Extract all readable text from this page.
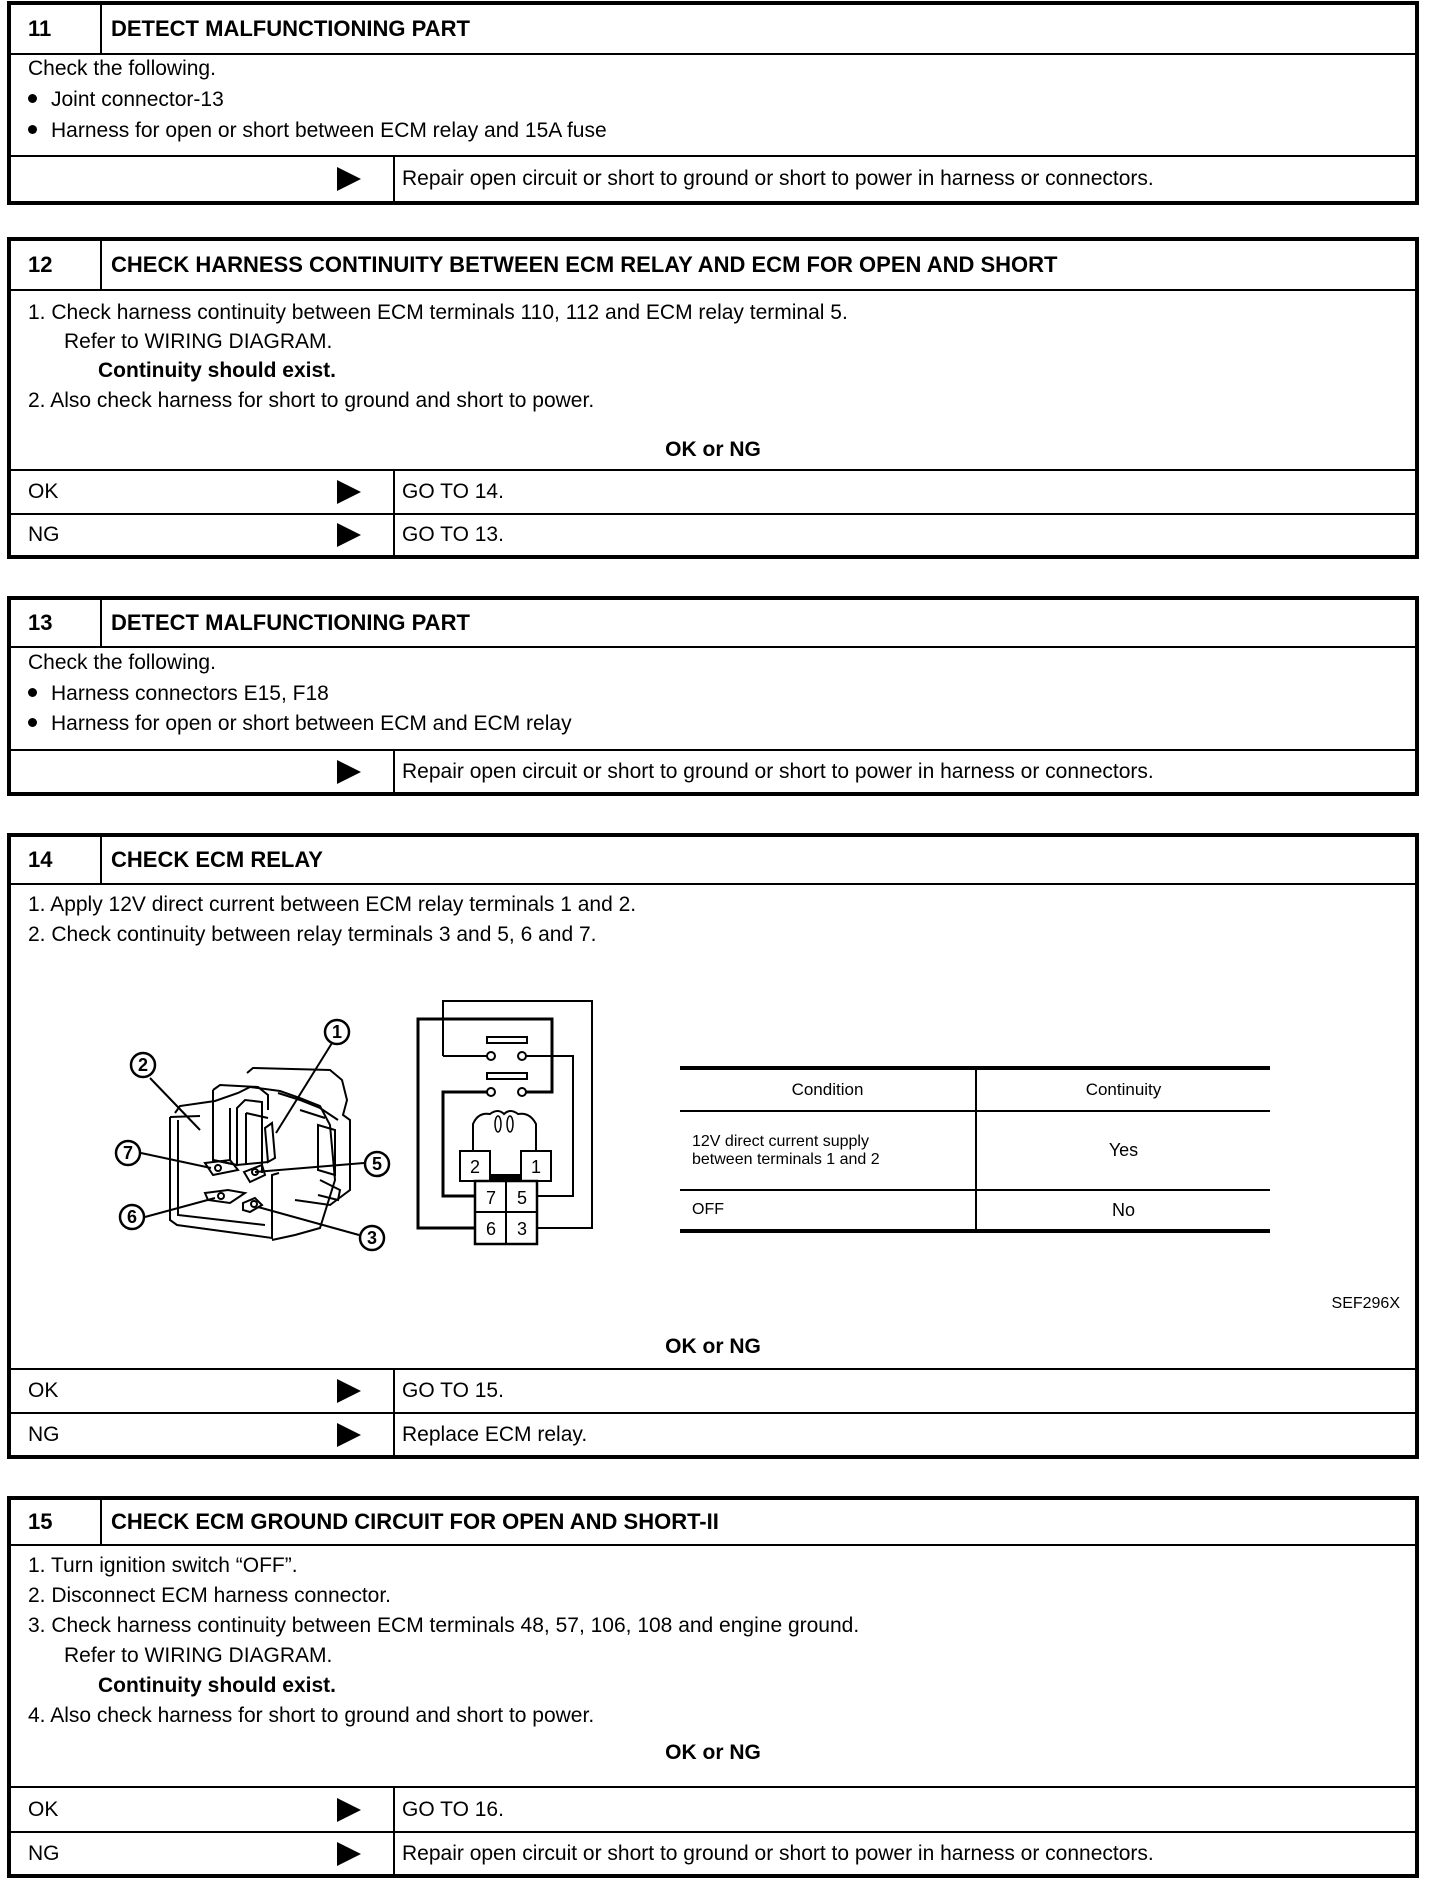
11	DETECT MALFUNCTIONING PART
Check the following.
Joint connector-13
Harness for open or short between ECM relay and 15A fuse
Repair open circuit or short to ground or short to power in harness or connectors.
12	CHECK HARNESS CONTINUITY BETWEEN ECM RELAY AND ECM FOR OPEN AND SHORT
1. Check harness continuity between ECM terminals 110, 112 and ECM relay terminal 5.
Refer to WIRING DIAGRAM.
Continuity should exist.
2. Also check harness for short to ground and short to power.
OK or NG
OK	GO TO 14.
NG	GO TO 13.
13	DETECT MALFUNCTIONING PART
Check the following.
Harness connectors E15, F18
Harness for open or short between ECM and ECM relay
Repair open circuit or short to ground or short to power in harness or connectors.
14	CHECK ECM RELAY
1. Apply 12V direct current between ECM relay terminals 1 and 2.
2. Check continuity between relay terminals 3 and 5, 6 and 7.
SEF296X
OK or NG
OK	GO TO 15.
NG	Replace ECM relay.
1
2
7
5
6
3
2	1
7 5
6 3
Condition	Continuity

12V direct current supply
between terminals 1 and 2	Yes
OFF	No
15	CHECK ECM GROUND CIRCUIT FOR OPEN AND SHORT-II
1. Turn ignition switch “OFF”.
2. Disconnect ECM harness connector.
3. Check harness continuity between ECM terminals 48, 57, 106, 108 and engine ground.
Refer to WIRING DIAGRAM.
Continuity should exist.
4. Also check harness for short to ground and short to power.
OK or NG
OK	GO TO 16.
NG	Repair open circuit or short to ground or short to power in harness or connectors.
